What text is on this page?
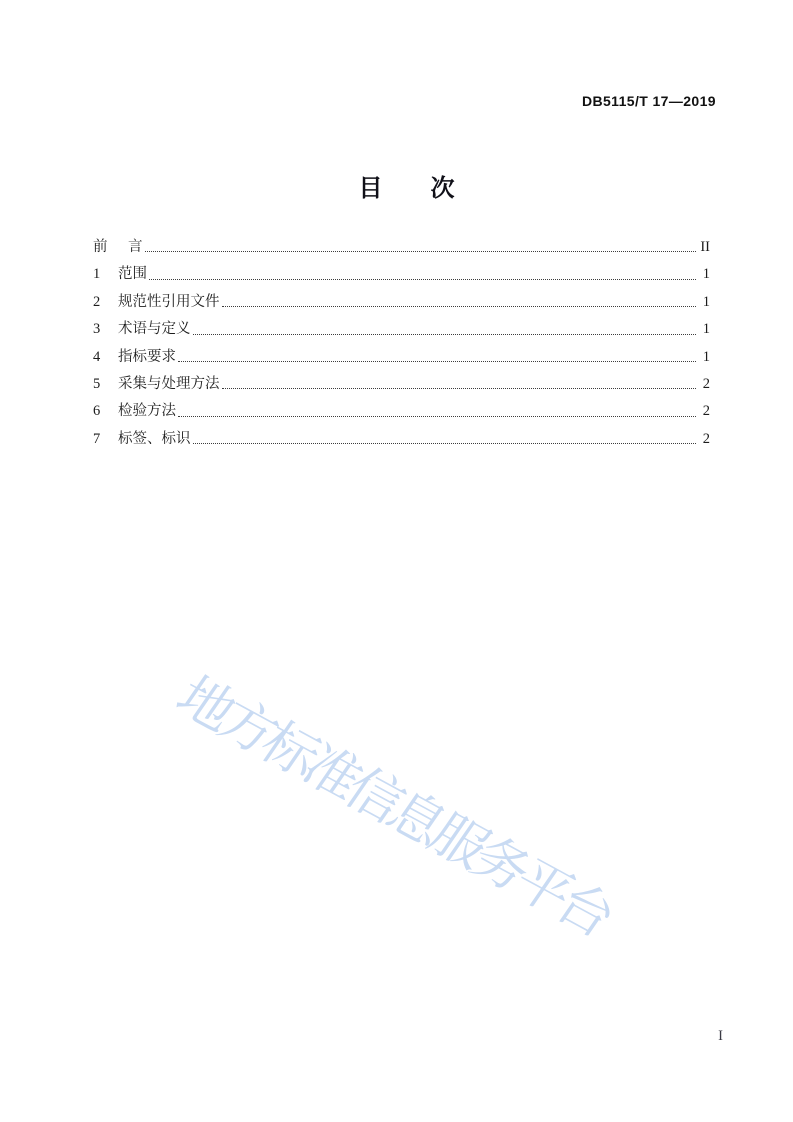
DB5115/T 17—2019
目　　次
前	言	II
1	范围	1
2	规范性引用文件	1
3	术语与定义	1
4	指标要求	1
5	采集与处理方法	2
6	检验方法	2
7	标签、标识	2
地方标准信息服务平台
I
